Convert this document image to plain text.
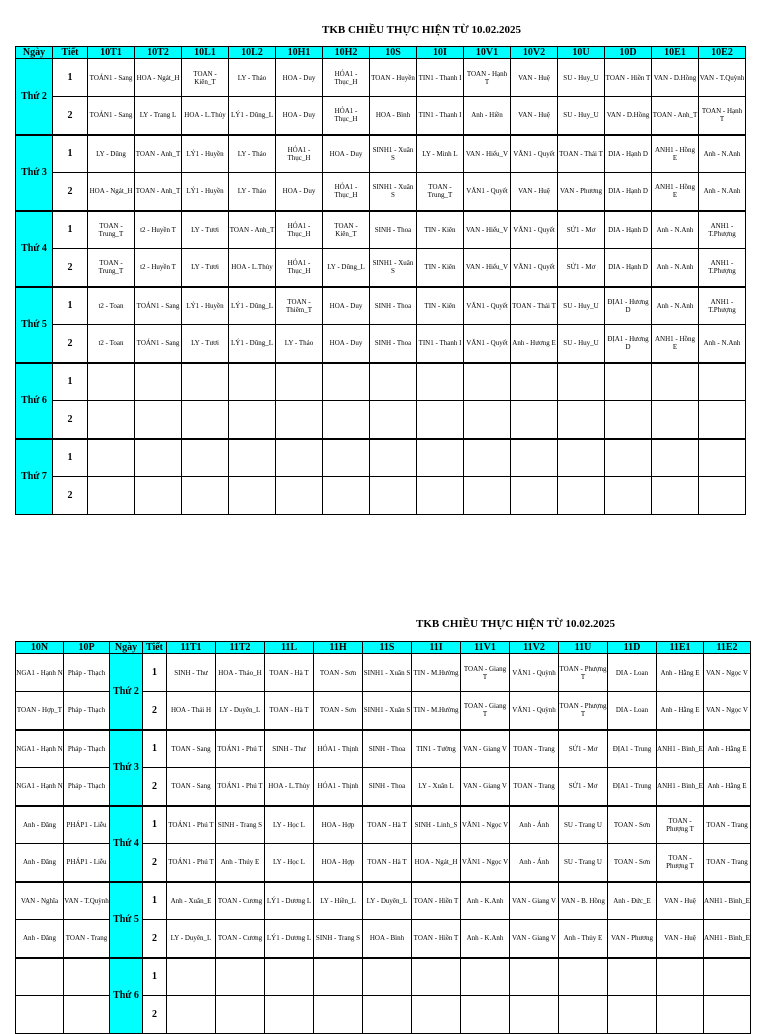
TKB CHIỀU THỰC HIỆN TỪ 10.02.2025
Ngày	Tiết	10T1	10T2	10L1	10L2	10H1	10H2	10S	10I	10V1	10V2	10U	10D	10E1	10E2
Thứ 2	1	TOÁN1 - Sang	HOA - Ngát_H	TOAN - Kiên_T	LY - Thảo	HOA - Duy	HÓA1 - Thục_H	TOAN - Huyền	TIN1 - Thanh I	TOAN - Hạnh T	VAN - Huệ	SU - Huy_U	TOAN - Hiền T	VAN - D.Hồng	VAN - T.Quỳnh
	2	TOÁN1 - Sang	LY - Trang L	HOA - L.Thủy	LÝ1 - Dũng_L	HOA - Duy	HÓA1 - Thục_H	HOA - Bình	TIN1 - Thanh I	Anh - Hiền	VAN - Huệ	SU - Huy_U	VAN - D.Hồng	TOAN - Anh_T	TOAN - Hạnh T
Thứ 3	1	LY - Dũng	TOAN - Anh_T	LÝ1 - Huyền	LY - Thảo	HÓA1 - Thục_H	HOA - Duy	SINH1 - Xuân S	LY - Minh L	VAN - Hiếu_V	VĂN1 - Quyết	TOAN - Thái T	DIA - Hạnh D	ANH1 - Hồng E	Anh - N.Anh
	2	HOA - Ngát_H	TOAN - Anh_T	LÝ1 - Huyền	LY - Thảo	HOA - Duy	HÓA1 - Thục_H	SINH1 - Xuân S	TOAN - Trung_T	VĂN1 - Quyết	VAN - Huệ	VAN - Phương	DIA - Hạnh D	ANH1 - Hồng E	Anh - N.Anh
Thứ 4	1	TOAN - Trung_T	t2 - Huyền T	LY - Tươi	TOAN - Anh_T	HÓA1 - Thục_H	TOAN - Kiên_T	SINH - Thoa	TIN - Kiên	VAN - Hiếu_V	VĂN1 - Quyết	SỬ1 - Mơ	DIA - Hạnh D	Anh - N.Anh	ANH1 - T.Phượng
	2	TOAN - Trung_T	t2 - Huyền T	LY - Tươi	HOA - L.Thủy	HÓA1 - Thục_H	LY - Dũng_L	SINH1 - Xuân S	TIN - Kiên	VAN - Hiếu_V	VĂN1 - Quyết	SỬ1 - Mơ	DIA - Hạnh D	Anh - N.Anh	ANH1 - T.Phượng
Thứ 5	1	t2 - Toan	TOÁN1 - Sang	LÝ1 - Huyền	LÝ1 - Dũng_L	TOAN - Thiêm_T	HOA - Duy	SINH - Thoa	TIN - Kiên	VĂN1 - Quyết	TOAN - Thái T	SU - Huy_U	ĐỊA1 - Hương D	Anh - N.Anh	ANH1 - T.Phượng
	2	t2 - Toan	TOÁN1 - Sang	LY - Tươi	LÝ1 - Dũng_L	LY - Thảo	HOA - Duy	SINH - Thoa	TIN1 - Thanh I	VĂN1 - Quyết	Anh - Hương E	SU - Huy_U	ĐỊA1 - Hương D	ANH1 - Hồng E	Anh - N.Anh
Thứ 6	1														
	2														
Thứ 7	1														
	2														
TKB CHIỀU THỰC HIỆN TỪ 10.02.2025
10N	10P	Ngày	Tiết	11T1	11T2	11L	11H	11S	11I	11V1	11V2	11U	11D	11E1	11E2
NGA1 - Hạnh N	Pháp - Thạch	Thứ 2	1	SINH - Thư	HOA - Thảo_H	TOAN - Hà T	TOAN - Sơn	SINH1 - Xuân S	TIN - M.Hường	TOAN - Giang T	VĂN1 - Quỳnh	TOAN - Phượng T	DIA - Loan	Anh - Hằng E	VAN - Ngọc V
TOAN - Hợp_T	Pháp - Thạch		2	HOA - Thái H	LY - Duyên_L	TOAN - Hà T	TOAN - Sơn	SINH1 - Xuân S	TIN - M.Hường	TOAN - Giang T	VĂN1 - Quỳnh	TOAN - Phượng T	DIA - Loan	Anh - Hằng E	VAN - Ngọc V
NGA1 - Hạnh N	Pháp - Thạch	Thứ 3	1	TOAN - Sang	TOÁN1 - Phú T	SINH - Thư	HÓA1 - Thịnh	SINH - Thoa	TIN1 - Tường	VAN - Giang V	TOAN - Trang	SỬ1 - Mơ	ĐỊA1 - Trung	ANH1 - Bình_E	Anh - Hằng E
NGA1 - Hạnh N	Pháp - Thạch		2	TOAN - Sang	TOÁN1 - Phú T	HOA - L.Thủy	HÓA1 - Thịnh	SINH - Thoa	LY - Xuân L	VAN - Giang V	TOAN - Trang	SỬ1 - Mơ	ĐỊA1 - Trung	ANH1 - Bình_E	Anh - Hằng E
Anh - Đăng	PHÁP1 - Liễu	Thứ 4	1	TOÁN1 - Phú T	SINH - Trang S	LY - Học L	HOA - Hợp	TOAN - Hà T	SINH - Linh_S	VĂN1 - Ngọc V	Anh - Ánh	SU - Trang U	TOAN - Sơn	TOAN - Phượng T	TOAN - Trang
Anh - Đăng	PHÁP1 - Liễu		2	TOÁN1 - Phú T	Anh - Thúy E	LY - Học L	HOA - Hợp	TOAN - Hà T	HOA - Ngát_H	VĂN1 - Ngọc V	Anh - Ánh	SU - Trang U	TOAN - Sơn	TOAN - Phượng T	TOAN - Trang
VAN - Nghĩa	VAN - T.Quỳnh	Thứ 5	1	Anh - Xuân_E	TOAN - Cương	LÝ1 - Dương L	LY - Hiền_L	LY - Duyên_L	TOAN - Hiền T	Anh - K.Anh	VAN - Giang V	VAN - B. Hồng	Anh - Đức_E	VAN - Huệ	ANH1 - Bình_E
Anh - Đăng	TOAN - Trang		2	LY - Duyên_L	TOAN - Cương	LÝ1 - Dương L	SINH - Trang S	HOA - Bình	TOAN - Hiền T	Anh - K.Anh	VAN - Giang V	Anh - Thủy E	VAN - Phương	VAN - Huệ	ANH1 - Bình_E
		Thứ 6	1												
			2												
